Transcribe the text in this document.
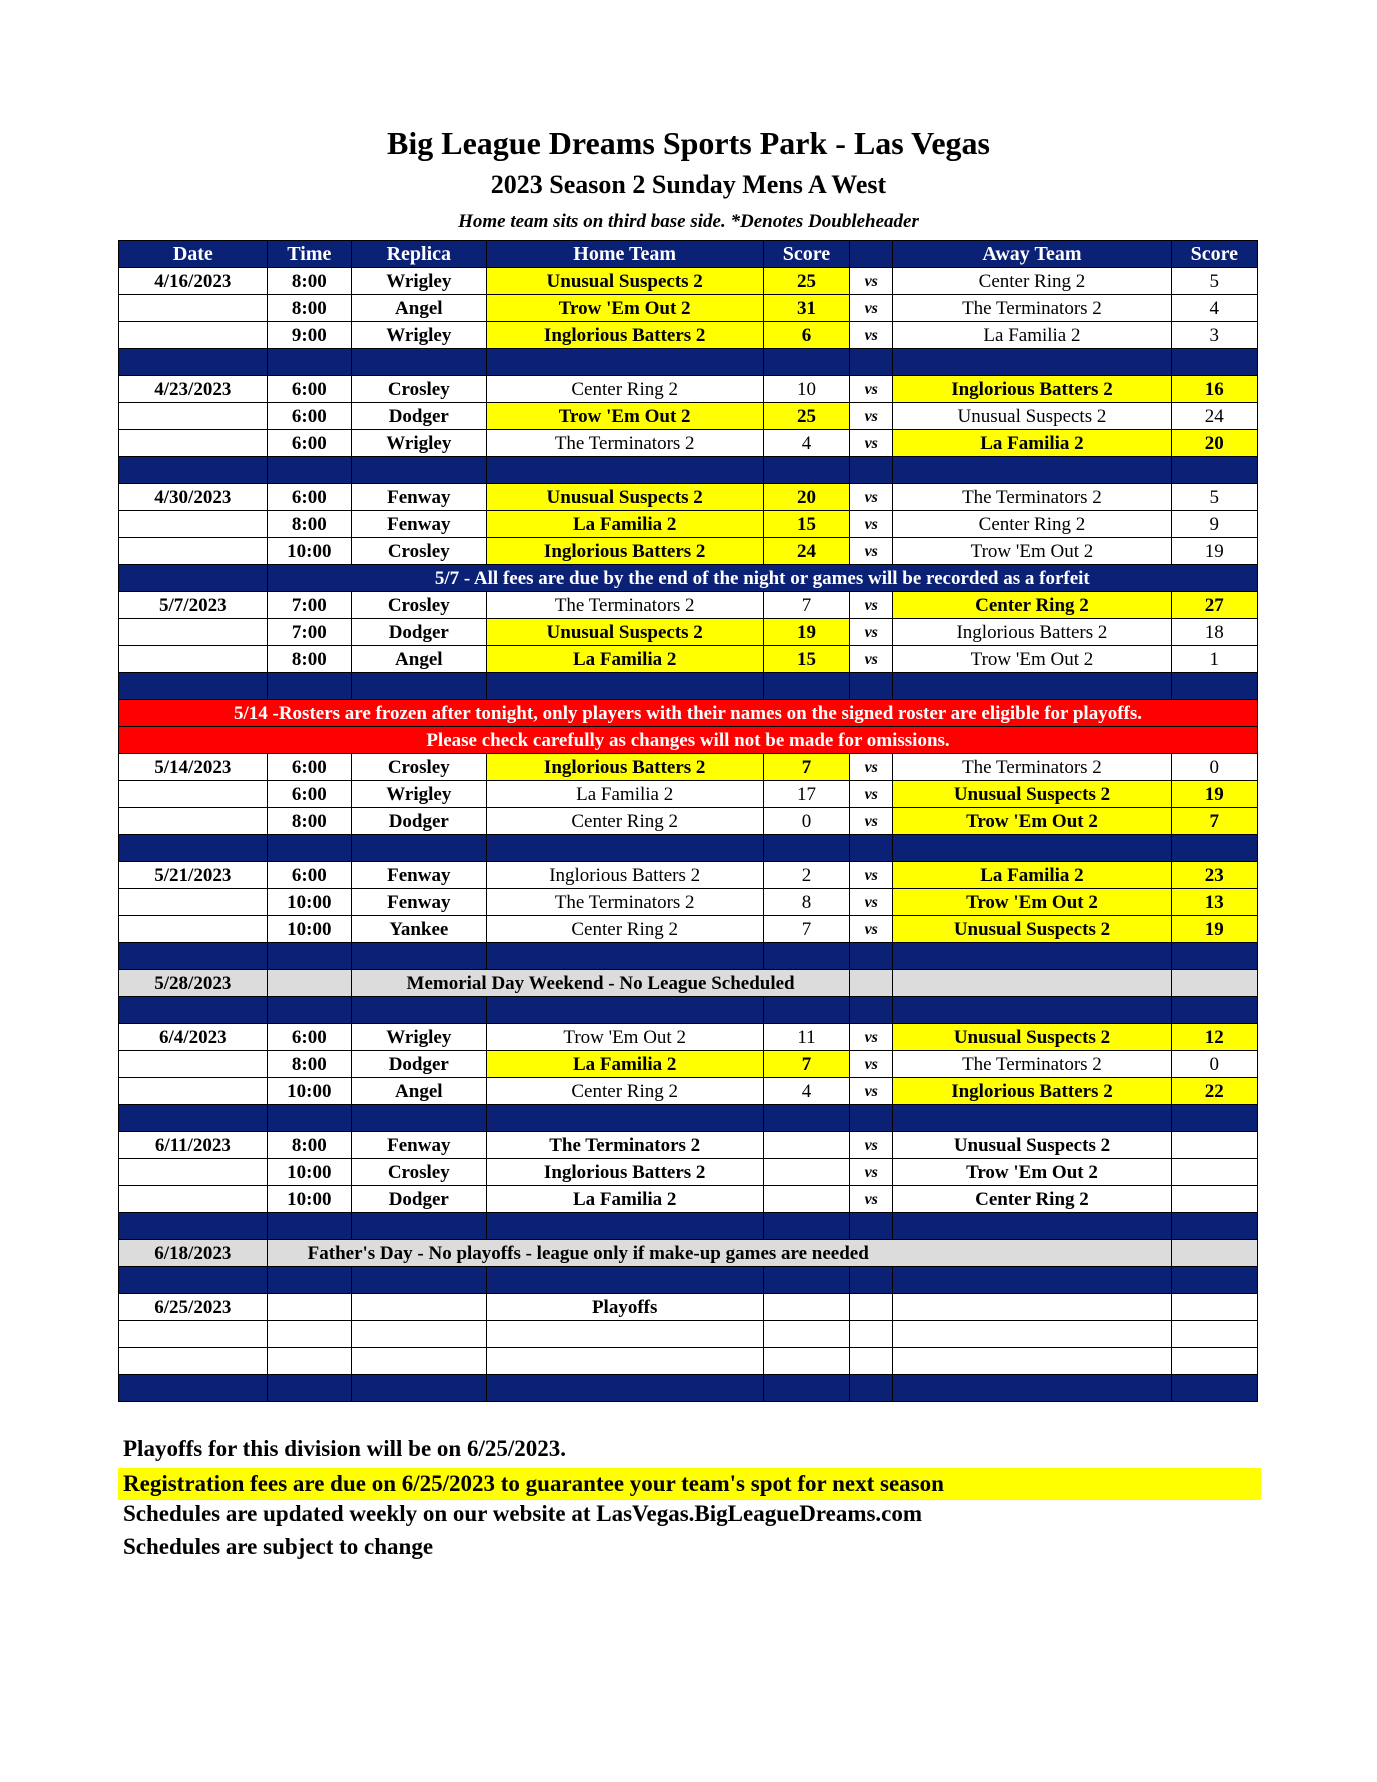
Big League Dreams Sports Park - Las Vegas
2023 Season 2 Sunday Mens A West
Home team sits on third base side. *Denotes Doubleheader
Date	Time	Replica	Home Team	Score		Away Team	Score
4/16/2023	8:00	Wrigley	Unusual Suspects 2	25	vs	Center Ring 2	5
	8:00	Angel	Trow 'Em Out 2	31	vs	The Terminators 2	4
	9:00	Wrigley	Inglorious Batters 2	6	vs	La Familia 2	3

4/23/2023	6:00	Crosley	Center Ring 2	10	vs	Inglorious Batters 2	16
	6:00	Dodger	Trow 'Em Out 2	25	vs	Unusual Suspects 2	24
	6:00	Wrigley	The Terminators 2	4	vs	La Familia 2	20

4/30/2023	6:00	Fenway	Unusual Suspects 2	20	vs	The Terminators 2	5
	8:00	Fenway	La Familia 2	15	vs	Center Ring 2	9
	10:00	Crosley	Inglorious Batters 2	24	vs	Trow 'Em Out 2	19
	5/7 - All fees are due by the end of the night or games will be recorded as a forfeit						
5/7/2023	7:00	Crosley	The Terminators 2	7	vs	Center Ring 2	27
	7:00	Dodger	Unusual Suspects 2	19	vs	Inglorious Batters 2	18
	8:00	Angel	La Familia 2	15	vs	Trow 'Em Out 2	1

5/14 -Rosters are frozen after tonight, only players with their names on the signed roster are eligible for playoffs.							
Please check carefully as changes will not be made for omissions.							
5/14/2023	6:00	Crosley	Inglorious Batters 2	7	vs	The Terminators 2	0
	6:00	Wrigley	La Familia 2	17	vs	Unusual Suspects 2	19
	8:00	Dodger	Center Ring 2	0	vs	Trow 'Em Out 2	7

5/21/2023	6:00	Fenway	Inglorious Batters 2	2	vs	La Familia 2	23
	10:00	Fenway	The Terminators 2	8	vs	Trow 'Em Out 2	13
	10:00	Yankee	Center Ring 2	7	vs	Unusual Suspects 2	19

5/28/2023		Memorial Day Weekend - No League Scheduled					

6/4/2023	6:00	Wrigley	Trow 'Em Out 2	11	vs	Unusual Suspects 2	12
	8:00	Dodger	La Familia 2	7	vs	The Terminators 2	0
	10:00	Angel	Center Ring 2	4	vs	Inglorious Batters 2	22

6/11/2023	8:00	Fenway	The Terminators 2		vs	Unusual Suspects 2	
	10:00	Crosley	Inglorious Batters 2		vs	Trow 'Em Out 2	
	10:00	Dodger	La Familia 2		vs	Center Ring 2	

6/18/2023	Father's Day - No playoffs - league only if make-up games are needed						

6/25/2023			Playoffs				

Playoffs for this division will be on 6/25/2023.
Registration fees are due on 6/25/2023 to guarantee your team's spot for next season
Schedules are updated weekly on our website at LasVegas.BigLeagueDreams.com
Schedules are subject to change
